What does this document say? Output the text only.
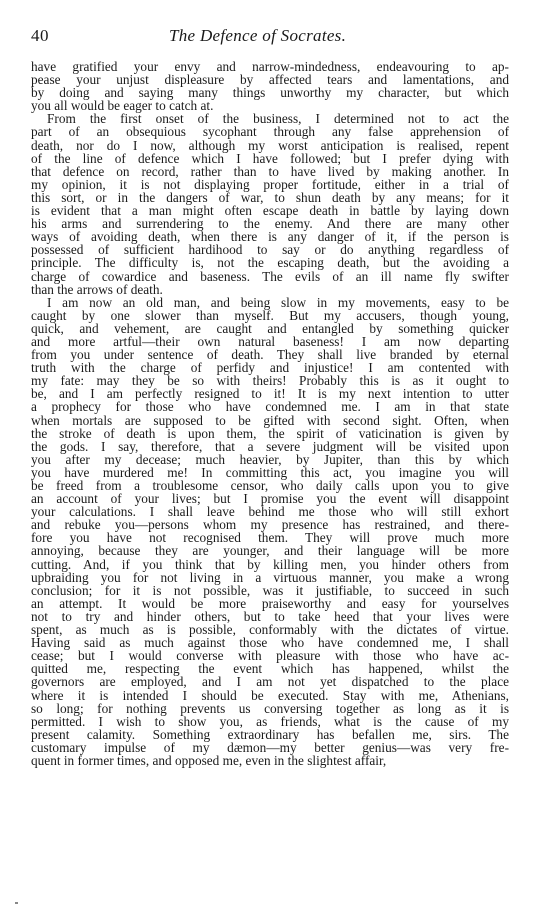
40	The Defence of Socrates.
have gratified your envy and narrow-mindedness, endeavouring to ap-
pease your unjust displeasure by affected tears and lamentations, and
by doing and saying many things unworthy my character, but which
you all would be eager to catch at.
From the first onset of the business, I determined not to act the
part of an obsequious sycophant through any false apprehension of
death, nor do I now, although my worst anticipation is realised, repent
of the line of defence which I have followed; but I prefer dying with
that defence on record, rather than to have lived by making another. In
my opinion, it is not displaying proper fortitude, either in a trial of
this sort, or in the dangers of war, to shun death by any means; for it
is evident that a man might often escape death in battle by laying down
his arms and surrendering to the enemy. And there are many other
ways of avoiding death, when there is any danger of it, if the person is
possessed of sufficient hardihood to say or do anything regardless of
principle. The difficulty is, not the escaping death, but the avoiding a
charge of cowardice and baseness. The evils of an ill name fly swifter
than the arrows of death.
I am now an old man, and being slow in my movements, easy to be
caught by one slower than myself. But my accusers, though young,
quick, and vehement, are caught and entangled by something quicker
and more artful—their own natural baseness! I am now departing
from you under sentence of death. They shall live branded by eternal
truth with the charge of perfidy and injustice! I am contented with
my fate: may they be so with theirs! Probably this is as it ought to
be, and I am perfectly resigned to it! It is my next intention to utter
a prophecy for those who have condemned me. I am in that state
when mortals are supposed to be gifted with second sight. Often, when
the stroke of death is upon them, the spirit of vaticination is given by
the gods. I say, therefore, that a severe judgment will be visited upon
you after my decease; much heavier, by Jupiter, than this by which
you have murdered me! In committing this act, you imagine you will
be freed from a troublesome censor, who daily calls upon you to give
an account of your lives; but I promise you the event will disappoint
your calculations. I shall leave behind me those who will still exhort
and rebuke you—persons whom my presence has restrained, and there-
fore you have not recognised them. They will prove much more
annoying, because they are younger, and their language will be more
cutting. And, if you think that by killing men, you hinder others from
upbraiding you for not living in a virtuous manner, you make a wrong
conclusion; for it is not possible, was it justifiable, to succeed in such
an attempt. It would be more praiseworthy and easy for yourselves
not to try and hinder others, but to take heed that your lives were
spent, as much as is possible, conformably with the dictates of virtue.
Having said as much against those who have condemned me, I shall
cease; but I would converse with pleasure with those who have ac-
quitted me, respecting the event which has happened, whilst the
governors are employed, and I am not yet dispatched to the place
where it is intended I should be executed. Stay with me, Athenians,
so long; for nothing prevents us conversing together as long as it is
permitted. I wish to show you, as friends, what is the cause of my
present calamity. Something extraordinary has befallen me, sirs. The
customary impulse of my dæmon—my better genius—was very fre-
quent in former times, and opposed me, even in the slightest affair,
